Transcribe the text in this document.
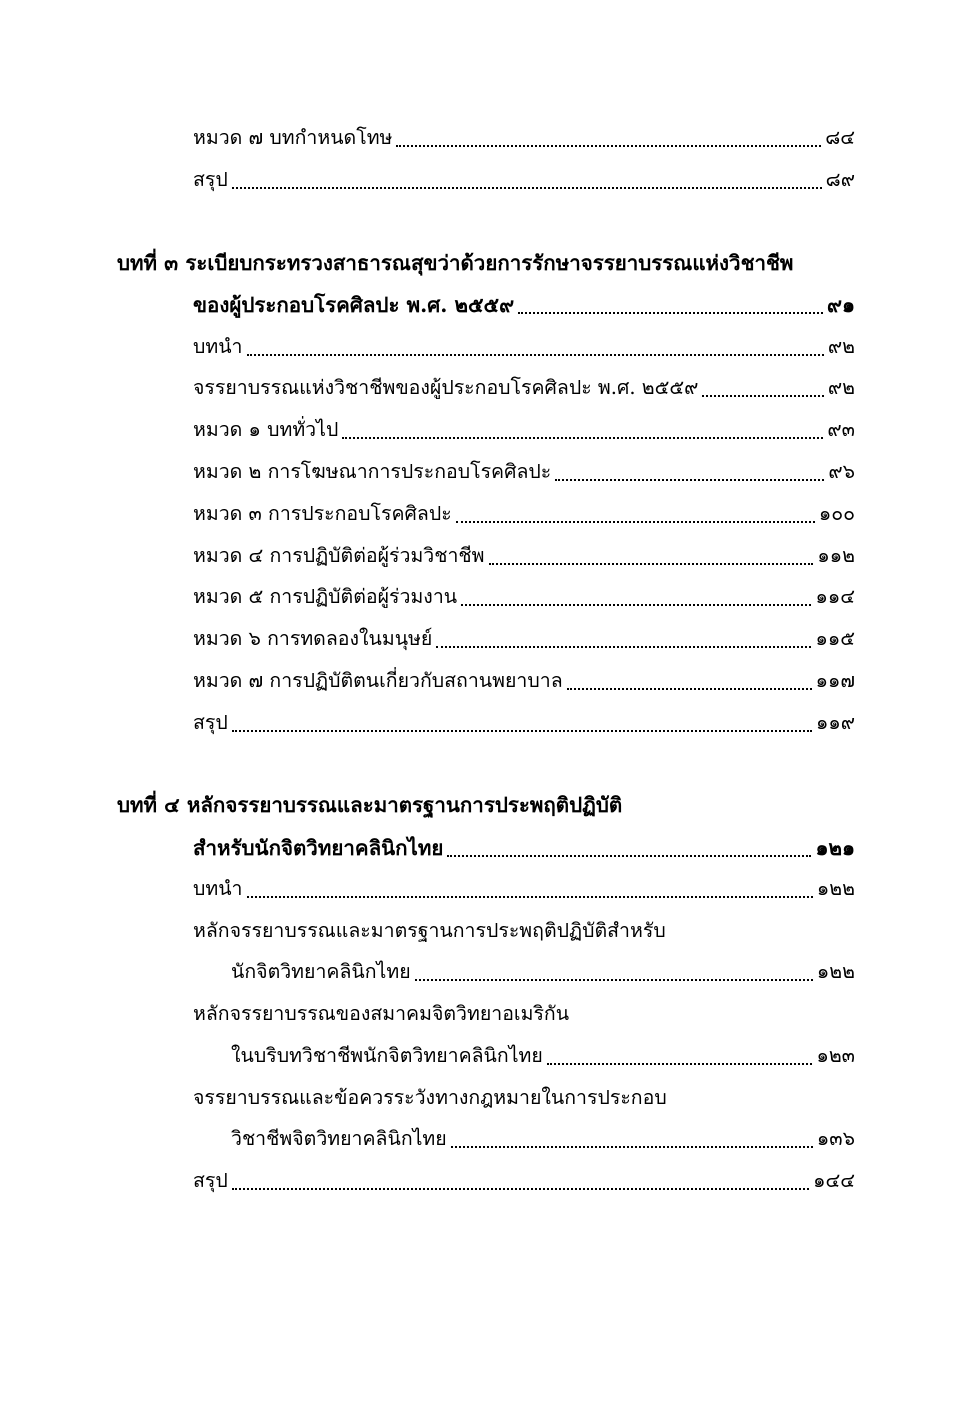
หมวด ๗ บทกำหนดโทษ	๘๔
สรุป	๘๙
บทที่ ๓ ระเบียบกระทรวงสาธารณสุขว่าด้วยการรักษาจรรยาบรรณแห่งวิชาชีพ
ของผู้ประกอบโรคศิลปะ พ.ศ. ๒๕๕๙	๙๑
บทนำ	๙๒
จรรยาบรรณแห่งวิชาชีพของผู้ประกอบโรคศิลปะ พ.ศ. ๒๕๕๙	๙๒
หมวด ๑ บททั่วไป	๙๓
หมวด ๒ การโฆษณาการประกอบโรคศิลปะ	๙๖
หมวด ๓ การประกอบโรคศิลปะ	๑๐๐
หมวด ๔ การปฏิบัติต่อผู้ร่วมวิชาชีพ	๑๑๒
หมวด ๕ การปฏิบัติต่อผู้ร่วมงาน	๑๑๔
หมวด ๖ การทดลองในมนุษย์	๑๑๕
หมวด ๗ การปฏิบัติตนเกี่ยวกับสถานพยาบาล	๑๑๗
สรุป	๑๑๙
บทที่ ๔ หลักจรรยาบรรณและมาตรฐานการประพฤติปฏิบัติ
สำหรับนักจิตวิทยาคลินิกไทย	๑๒๑
บทนำ	๑๒๒
หลักจรรยาบรรณและมาตรฐานการประพฤติปฏิบัติสำหรับ
นักจิตวิทยาคลินิกไทย	๑๒๒
หลักจรรยาบรรณของสมาคมจิตวิทยาอเมริกัน
ในบริบทวิชาชีพนักจิตวิทยาคลินิกไทย	๑๒๓
จรรยาบรรณและข้อควรระวังทางกฎหมายในการประกอบ
วิชาชีพจิตวิทยาคลินิกไทย	๑๓๖
สรุป	๑๔๔
